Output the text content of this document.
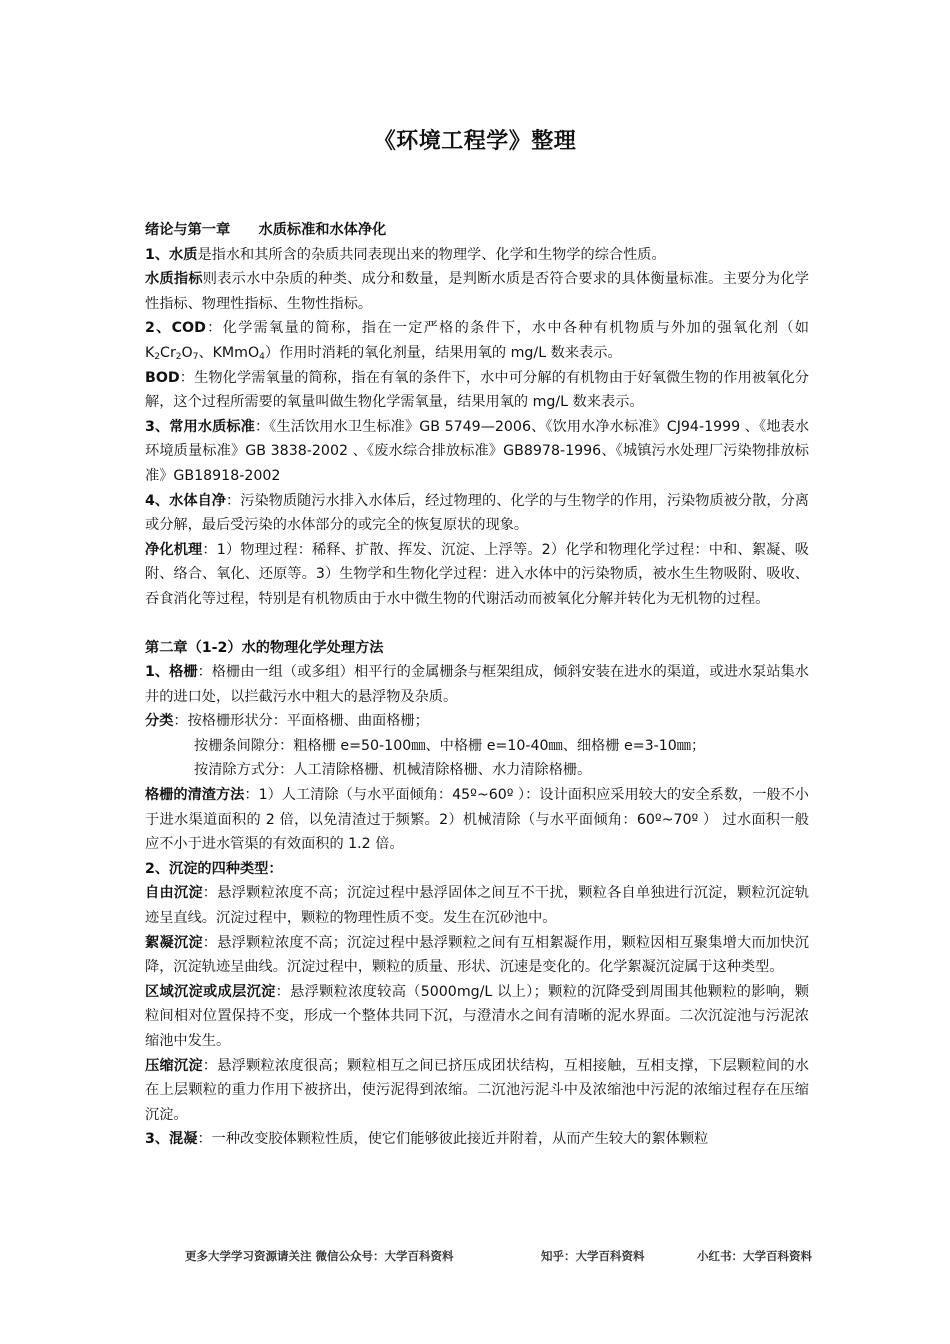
《环境工程学》整理

绪论与第一章　　水质标准和水体净化

1、水质是指水和其所含的杂质共同表现出来的物理学、化学和生物学的综合性质。

水质指标则表示水中杂质的种类、成分和数量，是判断水质是否符合要求的具体衡量标准。主要分为化学性指标、物理性指标、生物性指标。

2、COD：化学需氧量的简称，指在一定严格的条件下，水中各种有机物质与外加的强氧化剂（如 $K_2Cr_2O_7$、KMmO$_4$）作用时消耗的氧化剂量，结果用氧的 mg/L 数来表示。

BOD：生物化学需氧量的简称，指在有氧的条件下，水中可分解的有机物由于好氧微生物的作用被氧化分解，这个过程所需要的氧量叫做生物化学需氧量，结果用氧的 mg/L 数来表示。

3、常用水质标准：《生活饮用水卫生标准》GB 5749—2006、《饮用水净水标准》CJ94-1999 、《地表水环境质量标准》GB 3838-2002 、《废水综合排放标准》GB8978-1996、《城镇污水处理厂污染物排放标准》GB18918-2002

4、水体自净：污染物质随污水排入水体后，经过物理的、化学的与生物学的作用，污染物质被分散，分离或分解，最后受污染的水体部分的或完全的恢复原状的现象。

净化机理：1）物理过程：稀释、扩散、挥发、沉淀、上浮等。2）化学和物理化学过程：中和、絮凝、吸附、络合、氧化、还原等。3）生物学和生物化学过程：进入水体中的污染物质，被水生生物吸附、吸收、 吞食消化等过程，特别是有机物质由于水中微生物的代谢活动而被氧化分解并转化为无机物的过程。

第二章（1-2）水的物理化学处理方法

1、格栅：格栅由一组（或多组）相平行的金属栅条与框架组成，倾斜安装在进水的渠道，或进水泵站集水井的进口处，以拦截污水中粗大的悬浮物及杂质。

分类：按格栅形状分：平面格栅、曲面格栅；

按栅条间隙分：粗格栅 e=50-100㎜、中格栅 e=10-40㎜、细格栅 e=3-10㎜；

按清除方式分：人工清除格栅、机械清除格栅、水力清除格栅。

格栅的清渣方法：1）人工清除（与水平面倾角：45º~60º ）：设计面积应采用较大的安全系数，一般不小于进水渠道面积的 2 倍，以免清渣过于频繁。2）机械清除（与水平面倾角：60º~70º ） 过水面积一般应不小于进水管渠的有效面积的 1.2 倍。

2、沉淀的四种类型：

自由沉淀：悬浮颗粒浓度不高；沉淀过程中悬浮固体之间互不干扰，颗粒各自单独进行沉淀，颗粒沉淀轨迹呈直线。沉淀过程中，颗粒的物理性质不变。发生在沉砂池中。

絮凝沉淀：悬浮颗粒浓度不高；沉淀过程中悬浮颗粒之间有互相絮凝作用，颗粒因相互聚集增大而加快沉降，沉淀轨迹呈曲线。沉淀过程中，颗粒的质量、形状、沉速是变化的。化学絮凝沉淀属于这种类型。

区域沉淀或成层沉淀：悬浮颗粒浓度较高（5000mg/L 以上）；颗粒的沉降受到周围其他颗粒的影响，颗粒间相对位置保持不变，形成一个整体共同下沉，与澄清水之间有清晰的泥水界面。二次沉淀池与污泥浓缩池中发生。

压缩沉淀：悬浮颗粒浓度很高；颗粒相互之间已挤压成团状结构，互相接触，互相支撑，下层颗粒间的水在上层颗粒的重力作用下被挤出，使污泥得到浓缩。二沉池污泥斗中及浓缩池中污泥的浓缩过程存在压缩沉淀。

3、混凝：一种改变胶体颗粒性质，使它们能够彼此接近并附着，从而产生较大的絮体颗粒

更多大学学习资源请关注 微信公众号：大学百科资料	知乎：大学百科资料	小红书：大学百科资料
